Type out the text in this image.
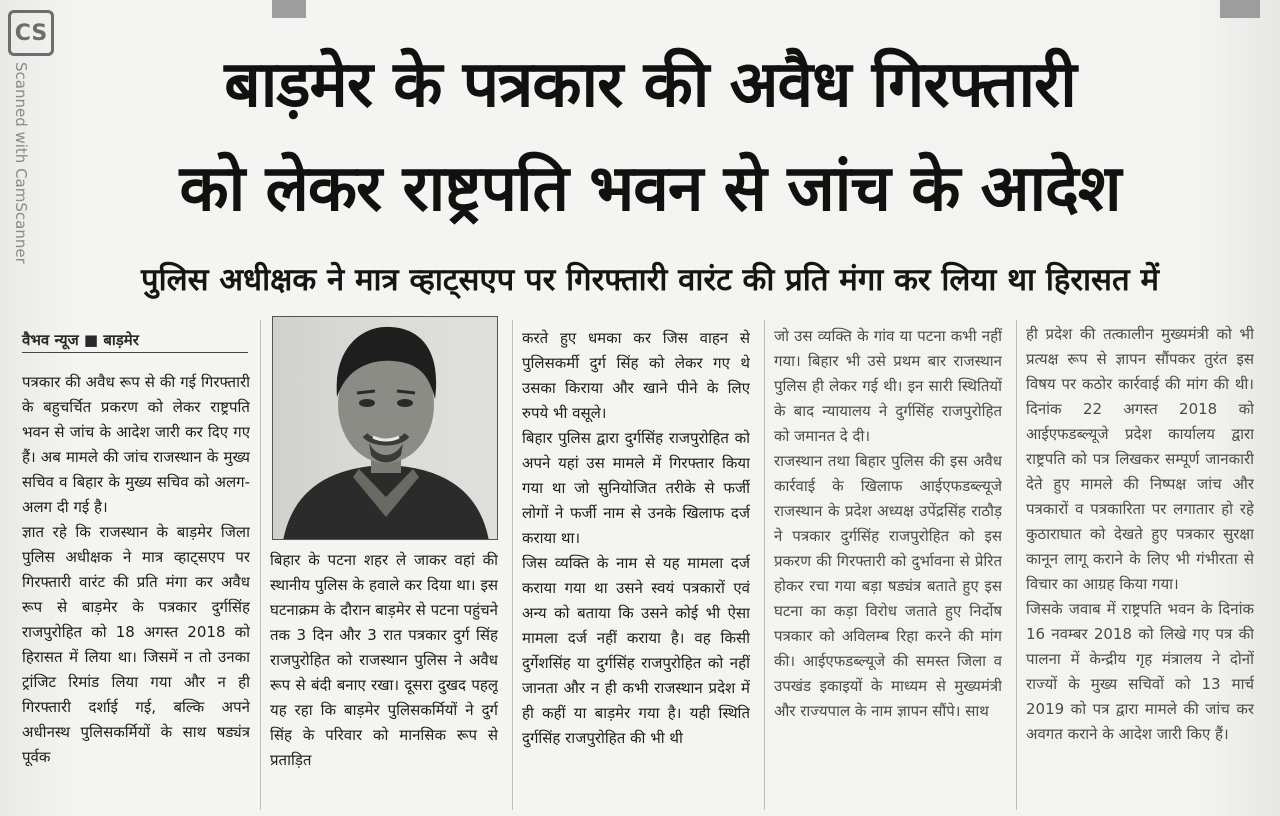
CS
Scanned with CamScanner	बाड़मेर के पत्रकार की अवैध गिरफ्तारी
को लेकर राष्ट्रपति भवन से जांच के आदेश
पुलिस अधीक्षक ने मात्र व्हाट्सएप पर गिरफ्तारी वारंट की प्रति मंगा कर लिया था हिरासत में
वैभव न्यूज ■ बाड़मेर

पत्रकार की अवैध रूप से की गई गिरफ्तारी के बहुचर्चित प्रकरण को लेकर राष्ट्रपति भवन से जांच के आदेश जारी कर दिए गए हैं। अब मामले की जांच राजस्थान के मुख्य सचिव व बिहार के मुख्य सचिव को अलग-अलग दी गई है।

ज्ञात रहे कि राजस्थान के बाड़मेर जिला पुलिस अधीक्षक ने मात्र व्हाट्सएप पर गिरफ्तारी वारंट की प्रति मंगा कर अवैध रूप से बाड़मेर के पत्रकार दुर्गसिंह राजपुरोहित को 18 अगस्त 2018 को हिरासत में लिया था। जिसमें न तो उनका ट्रांजिट रिमांड लिया गया और न ही गिरफ्तारी दर्शाई गई, बल्कि अपने अधीनस्थ पुलिसकर्मियों के साथ षड्यंत्र पूर्वक

बिहार के पटना शहर ले जाकर वहां की स्थानीय पुलिस के हवाले कर दिया था। इस घटनाक्रम के दौरान बाड़मेर से पटना पहुंचने तक 3 दिन और 3 रात पत्रकार दुर्ग सिंह राजपुरोहित को राजस्थान पुलिस ने अवैध रूप से बंदी बनाए रखा। दूसरा दुखद पहलू यह रहा कि बाड़मेर पुलिसकर्मियों ने दुर्ग सिंह के परिवार को मानसिक रूप से प्रताड़ित

करते हुए धमका कर जिस वाहन से पुलिसकर्मी दुर्ग सिंह को लेकर गए थे उसका किराया और खाने पीने के लिए रुपये भी वसूले।

बिहार पुलिस द्वारा दुर्गसिंह राजपुरोहित को अपने यहां उस मामले में गिरफ्तार किया गया था जो सुनियोजित तरीके से फर्जी लोगों ने फर्जी नाम से उनके खिलाफ दर्ज कराया था।

जिस व्यक्ति के नाम से यह मामला दर्ज कराया गया था उसने स्वयं पत्रकारों एवं अन्य को बताया कि उसने कोई भी ऐसा मामला दर्ज नहीं कराया है। वह किसी दुर्गेशसिंह या दुर्गसिंह राजपुरोहित को नहीं जानता और न ही कभी राजस्थान प्रदेश में ही कहीं या बाड़मेर गया है। यही स्थिति दुर्गसिंह राजपुरोहित की भी थी

जो उस व्यक्ति के गांव या पटना कभी नहीं गया। बिहार भी उसे प्रथम बार राजस्थान पुलिस ही लेकर गई थी। इन सारी स्थितियों के बाद न्यायालय ने दुर्गसिंह राजपुरोहित को जमानत दे दी।

राजस्थान तथा बिहार पुलिस की इस अवैध कार्रवाई के खिलाफ आईएफडब्ल्यूजे राजस्थान के प्रदेश अध्यक्ष उपेंद्रसिंह राठौड़ ने पत्रकार दुर्गसिंह राजपुरोहित को इस प्रकरण की गिरफ्तारी को दुर्भावना से प्रेरित होकर रचा गया बड़ा षड्यंत्र बताते हुए इस घटना का कड़ा विरोध जताते हुए निर्दोष पत्रकार को अविलम्ब रिहा करने की मांग की। आईएफडब्ल्यूजे की समस्त जिला व उपखंड इकाइयों के माध्यम से मुख्यमंत्री और राज्यपाल के नाम ज्ञापन सौंपे। साथ

ही प्रदेश की तत्कालीन मुख्यमंत्री को भी प्रत्यक्ष रूप से ज्ञापन सौंपकर तुरंत इस विषय पर कठोर कार्रवाई की मांग की थी। दिनांक 22 अगस्त 2018 को आईएफडब्ल्यूजे प्रदेश कार्यालय द्वारा राष्ट्रपति को पत्र लिखकर सम्पूर्ण जानकारी देते हुए मामले की निष्पक्ष जांच और पत्रकारों व पत्रकारिता पर लगातार हो रहे कुठाराघात को देखते हुए पत्रकार सुरक्षा कानून लागू कराने के लिए भी गंभीरता से विचार का आग्रह किया गया।

जिसके जवाब में राष्ट्रपति भवन के दिनांक 16 नवम्बर 2018 को लिखे गए पत्र की पालना में केन्द्रीय गृह मंत्रालय ने दोनों राज्यों के मुख्य सचिवों को 13 मार्च 2019 को पत्र द्वारा मामले की जांच कर अवगत कराने के आदेश जारी किए हैं।
